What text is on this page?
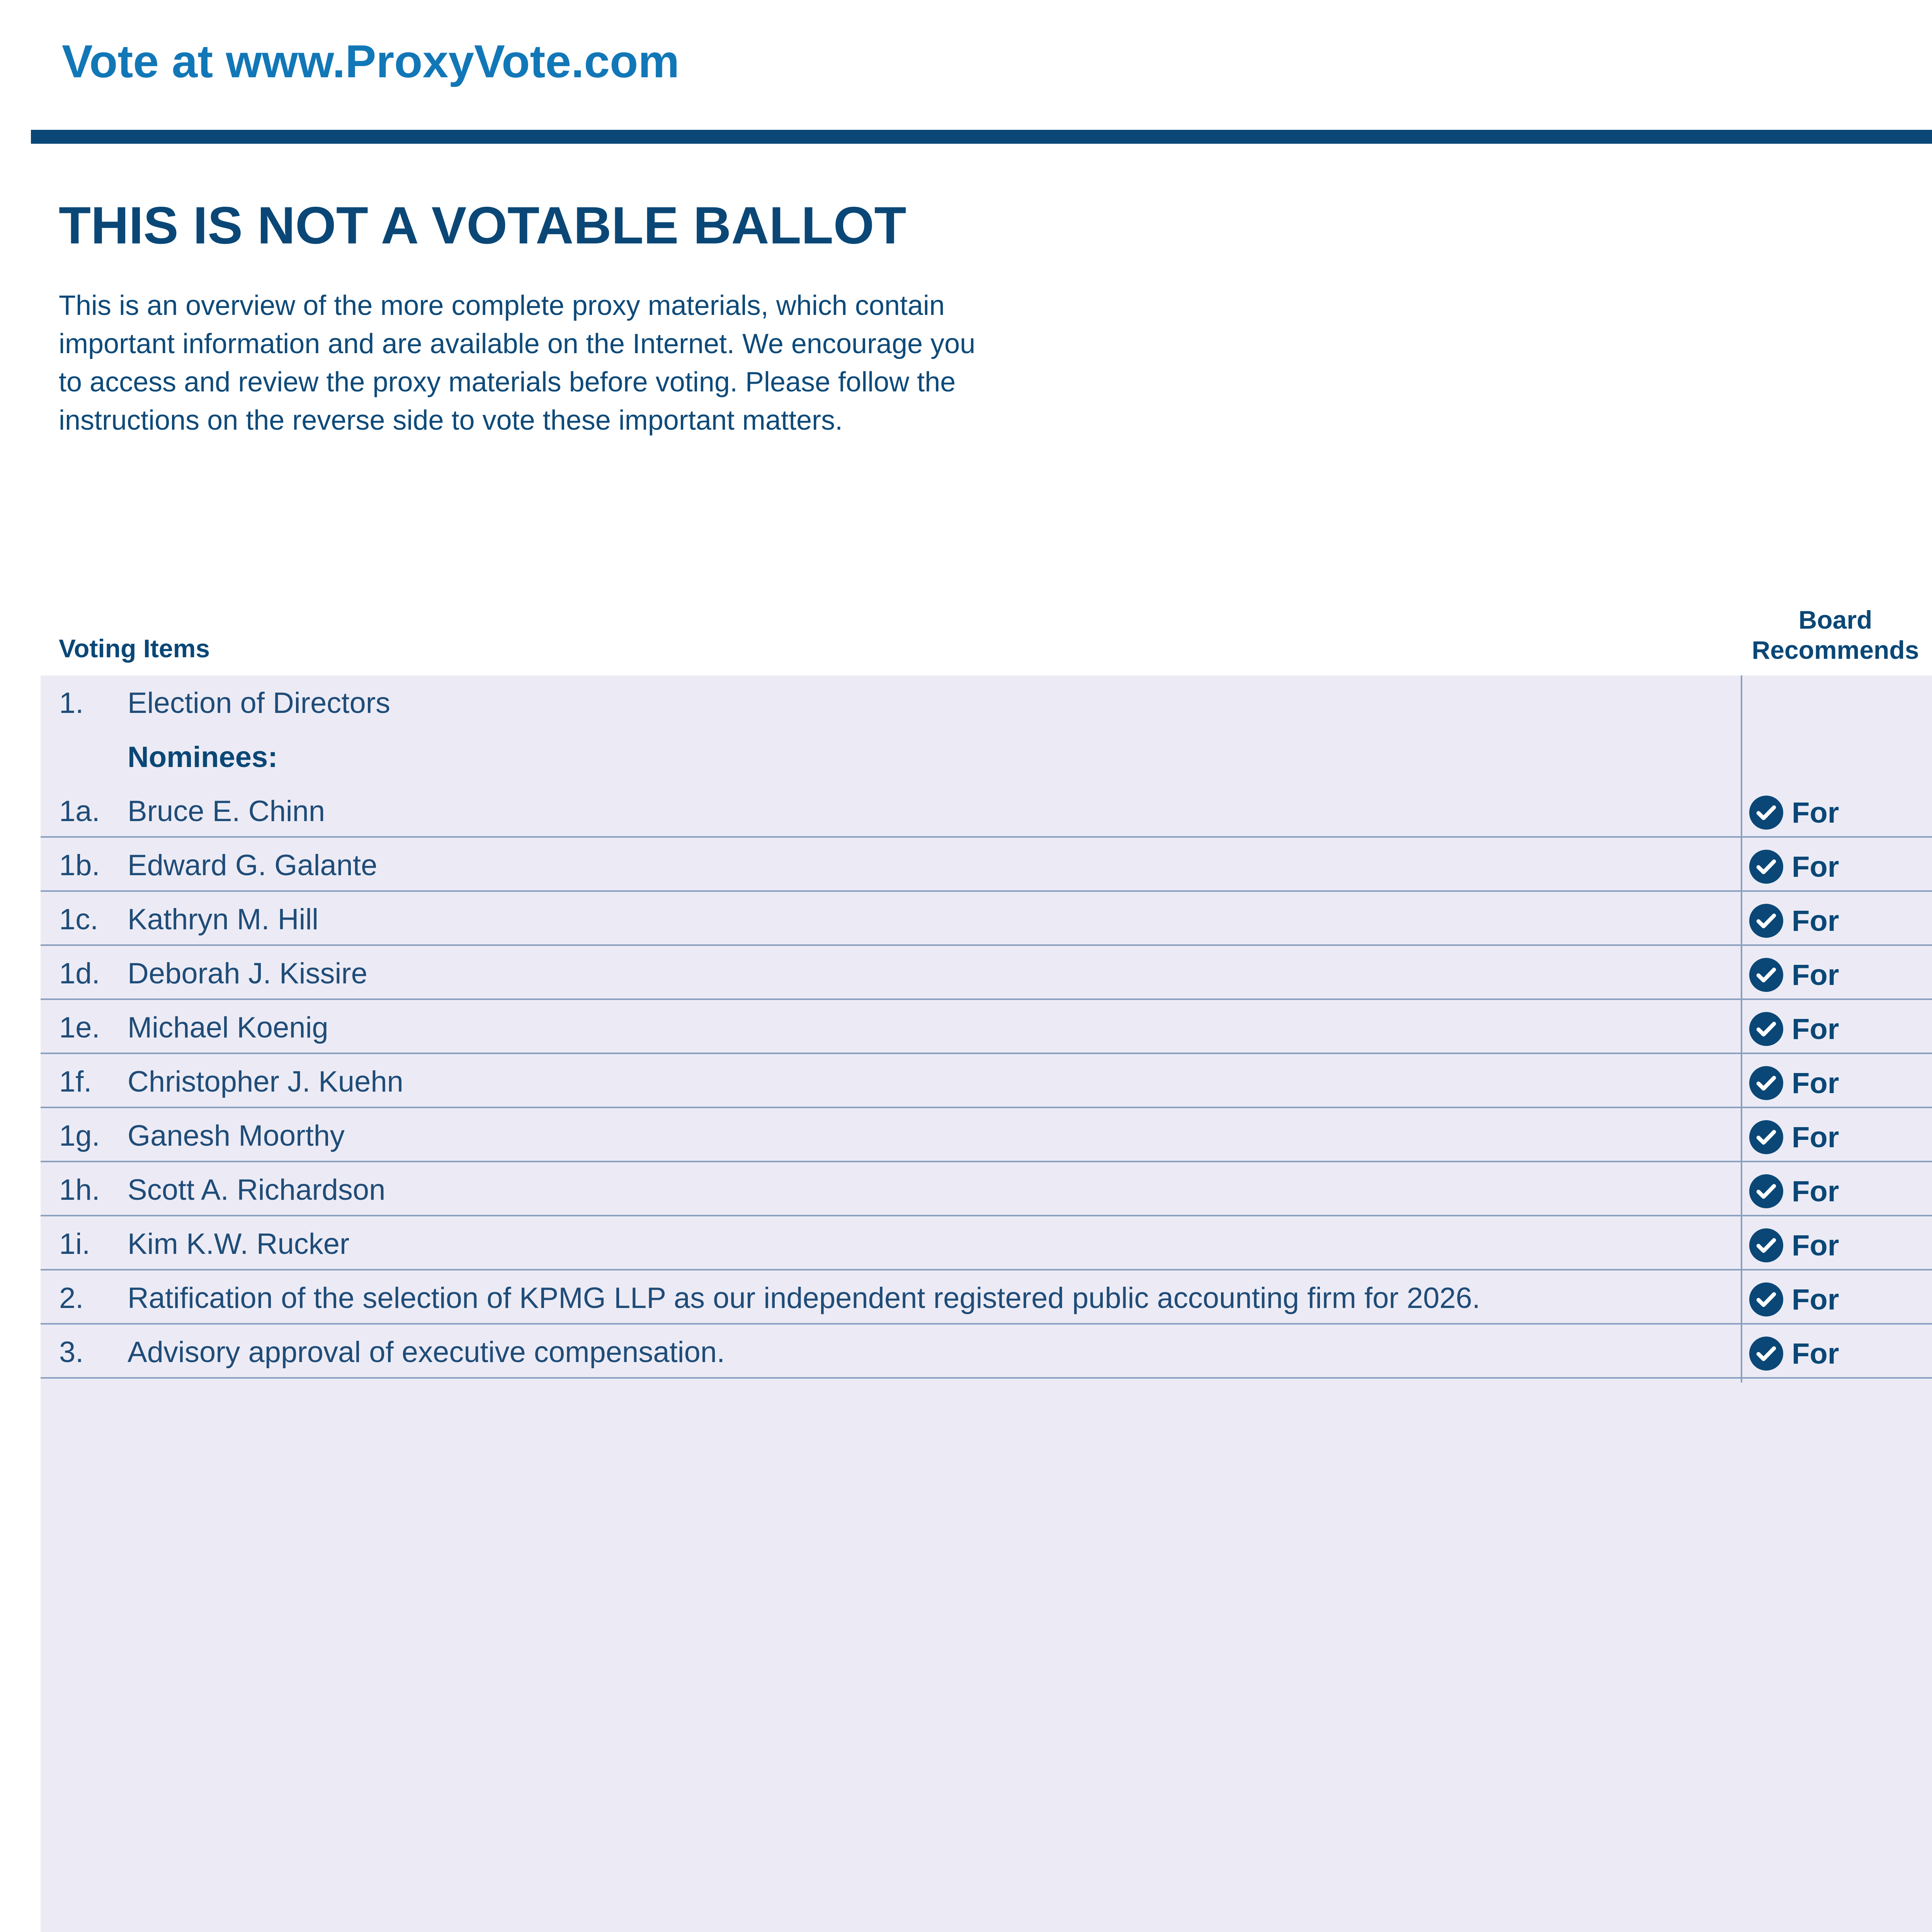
Vote at www.ProxyVote.com
THIS IS NOT A VOTABLE BALLOT
This is an overview of the more complete proxy materials, which contain important information and are available on the Internet. We encourage you to access and review the proxy materials before voting. Please follow the instructions on the reverse side to vote these important matters.
Voting Items
Board
Recommends
1. Election of Directors
Nominees:
1a. Bruce E. Chinn	For
1b. Edward G. Galante	For
1c. Kathryn M. Hill	For
1d. Deborah J. Kissire	For
1e. Michael Koenig	For
1f. Christopher J. Kuehn	For
1g. Ganesh Moorthy	For
1h. Scott A. Richardson	For
1i. Kim K.W. Rucker	For
2. Ratification of the selection of KPMG LLP as our independent registered public accounting firm for 2026.	For
3. Advisory approval of executive compensation.	For
